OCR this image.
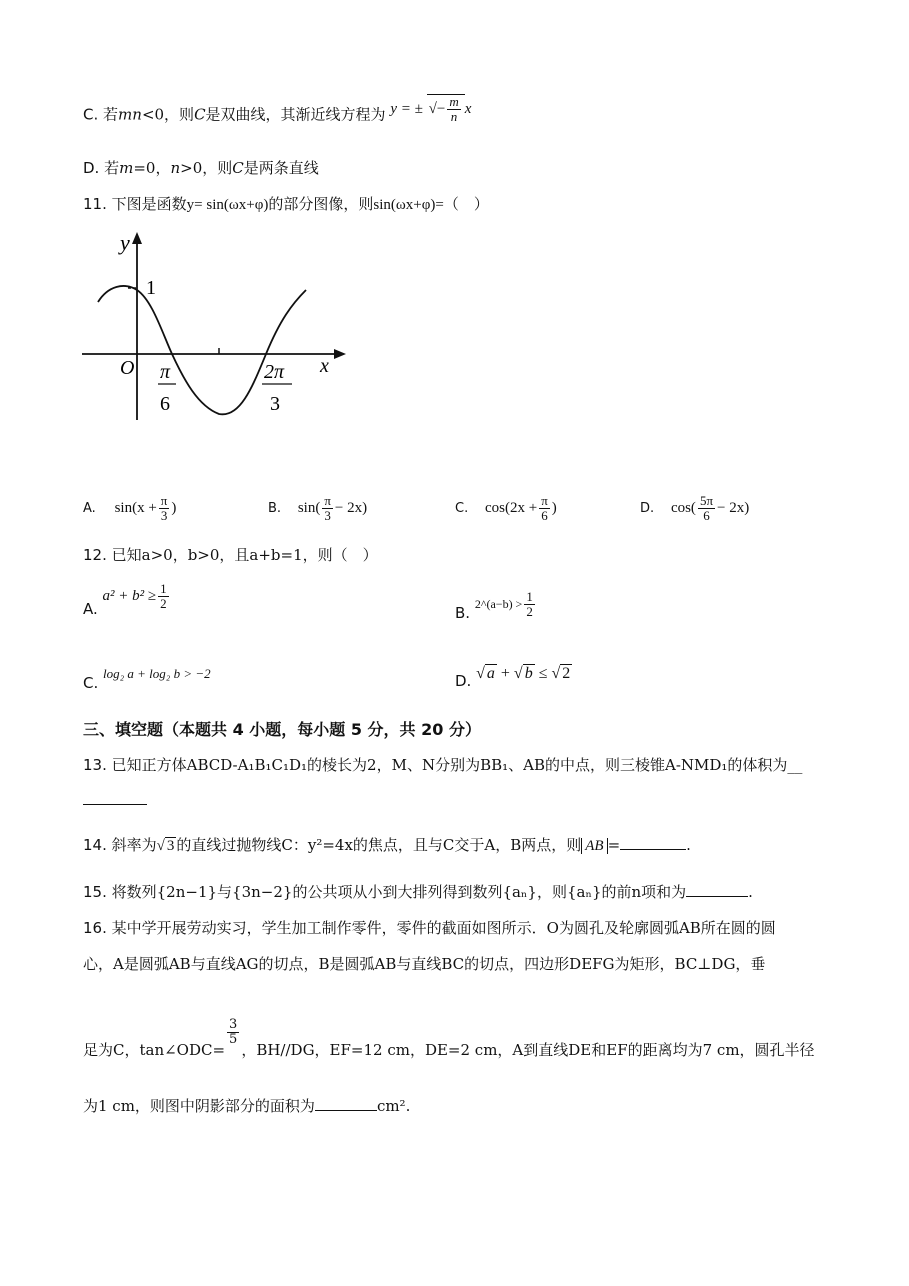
C. 若mn<0，则C是双曲线，其渐近线方程为 y = ± √− $\frac{m}{n}$ x
D. 若m=0，n>0，则C是两条直线
11. 下图是函数y= sin(ωx+φ)的部分图像，则sin(ωx+φ)=（　）
y
1
O	x
π
6
2π
3
A. $\sin(x + \frac{\pi}{3}$ )	B. $\sin( \frac{\pi}{3} - 2x)$	C. $\cos(2x + \frac{\pi}{6}$ )	D. $\cos( \frac{5\pi}{6} - 2x)$
12. 已知a>0，b>0，且a+b=1，则（　）
A. $a^2 + b^2 \ge \frac{1}{2}$
B. 2^(a−b) > $\frac{1}{2}$
C. log₂ a + log₂ b > −2	D. √ a + √ b ≤ √ 2
三、填空题（本题共 4 小题，每小题 5 分，共 20 分）
13. 已知正方体ABCD-A₁B₁C₁D₁的棱长为2，M、N分别为BB₁、AB的中点，则三棱锥A-NMD₁的体积为__
14. 斜率为√ 3 的直线过抛物线C：y²=4x的焦点，且与C交于A，B两点，则 AB =	.
15. 将数列{2n−1}与{3n−2}的公共项从小到大排列得到数列{aₙ}，则{aₙ}的前n项和为	.
16. 某中学开展劳动实习，学生加工制作零件，零件的截面如图所示．O为圆孔及轮廓圆弧AB所在圆的圆
心，A是圆弧AB与直线AG的切点，B是圆弧AB与直线BC的切点，四边形DEFG为矩形，BC⊥DG，垂
足为C，tan∠ODC=
$\frac{3}{5}$
，BH//DG，EF=12 cm，DE=2 cm，A到直线DE和EF的距离均为7 cm，圆孔半径
为1 cm，则图中阴影部分的面积为	cm².
